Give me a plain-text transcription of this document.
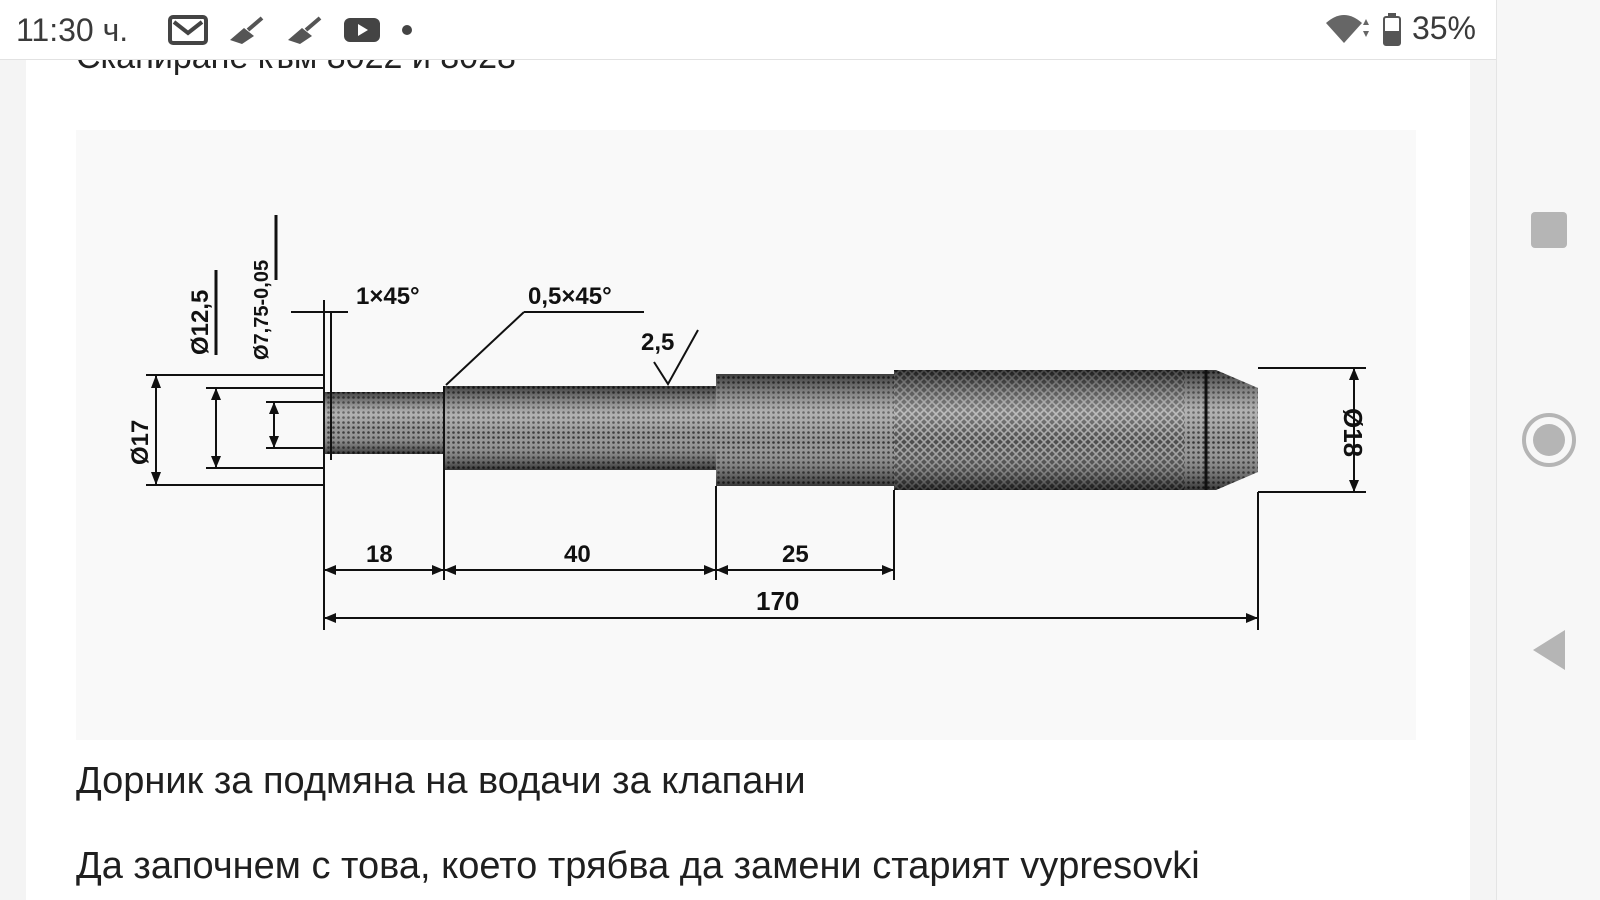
Ø17
Ø12,5 Ø7,75-0,05	1×45°	0,5×45°
2,5
Ø18
18	40	25
170
Дорник за подмяна на водачи за клапани
Да започнем с това, което трябва да замени старият vypresovki
11:30 ч.	35%
